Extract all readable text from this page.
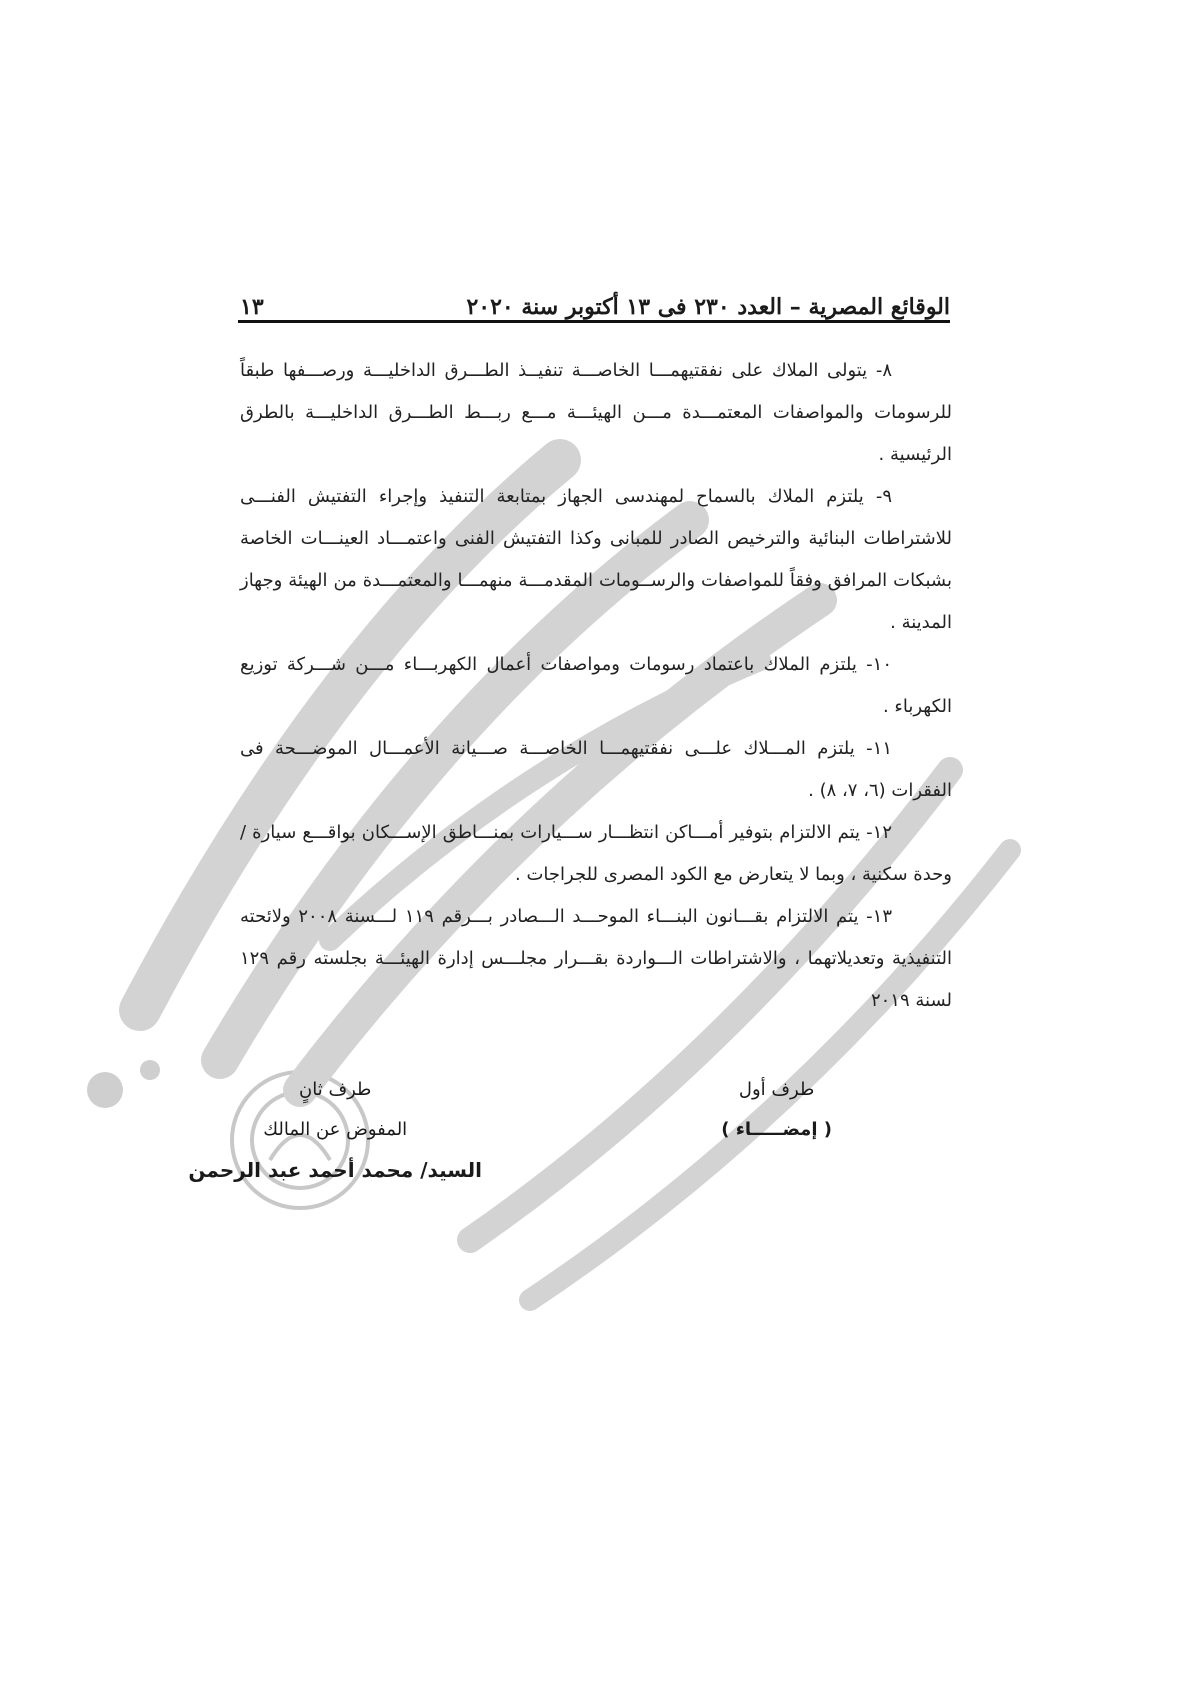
الوقائع المصرية – العدد ٢٣٠ فى ١٣ أكتوبر سنة ٢٠٢٠
١٣

٨- يتولى الملاك على نفقتيهمـــا الخاصـــة تنفيــذ الطـــرق الداخليـــة ورصـــفها طبقاً للرسومات والمواصفات المعتمـــدة مـــن الهيئـــة مـــع ربـــط الطـــرق الداخليـــة بالطرق الرئيسية .

٩- يلتزم الملاك بالسماح لمهندسى الجهاز بمتابعة التنفيذ وإجراء التفتيش الفنـــى للاشتراطات البنائية والترخيص الصادر للمبانى وكذا التفتيش الفنى واعتمـــاد العينـــات الخاصة بشبكات المرافق وفقاً للمواصفات والرســومات المقدمـــة منهمـــا والمعتمـــدة من الهيئة وجهاز المدينة .

١٠- يلتزم الملاك باعتماد رسومات ومواصفات أعمال الكهربـــاء مـــن شـــركة توزيع الكهرباء .

١١- يلتزم المـــلاك علـــى نفقتيهمـــا الخاصـــة صـــيانة الأعمـــال الموضـــحة فى الفقرات (٦، ٧، ٨) .

١٢- يتم الالتزام بتوفير أمـــاكن انتظـــار ســـيارات بمنـــاطق الإســـكان بواقـــع سيارة / وحدة سكنية ، وبما لا يتعارض مع الكود المصرى للجراجات .

١٣- يتم الالتزام بقـــانون البنـــاء الموحـــد الـــصادر بـــرقم ١١٩ لـــسنة ٢٠٠٨ ولائحته التنفيذية وتعديلاتهما ، والاشتراطات الـــواردة بقـــرار مجلـــس إدارة الهيئـــة بجلسته رقم ١٢٩ لسنة ٢٠١٩

طرف أول
( إمضـــــاء )
طرف ثانٍ
المفوض عن المالك
السيد/ محمد أحمد عبد الرحمن
